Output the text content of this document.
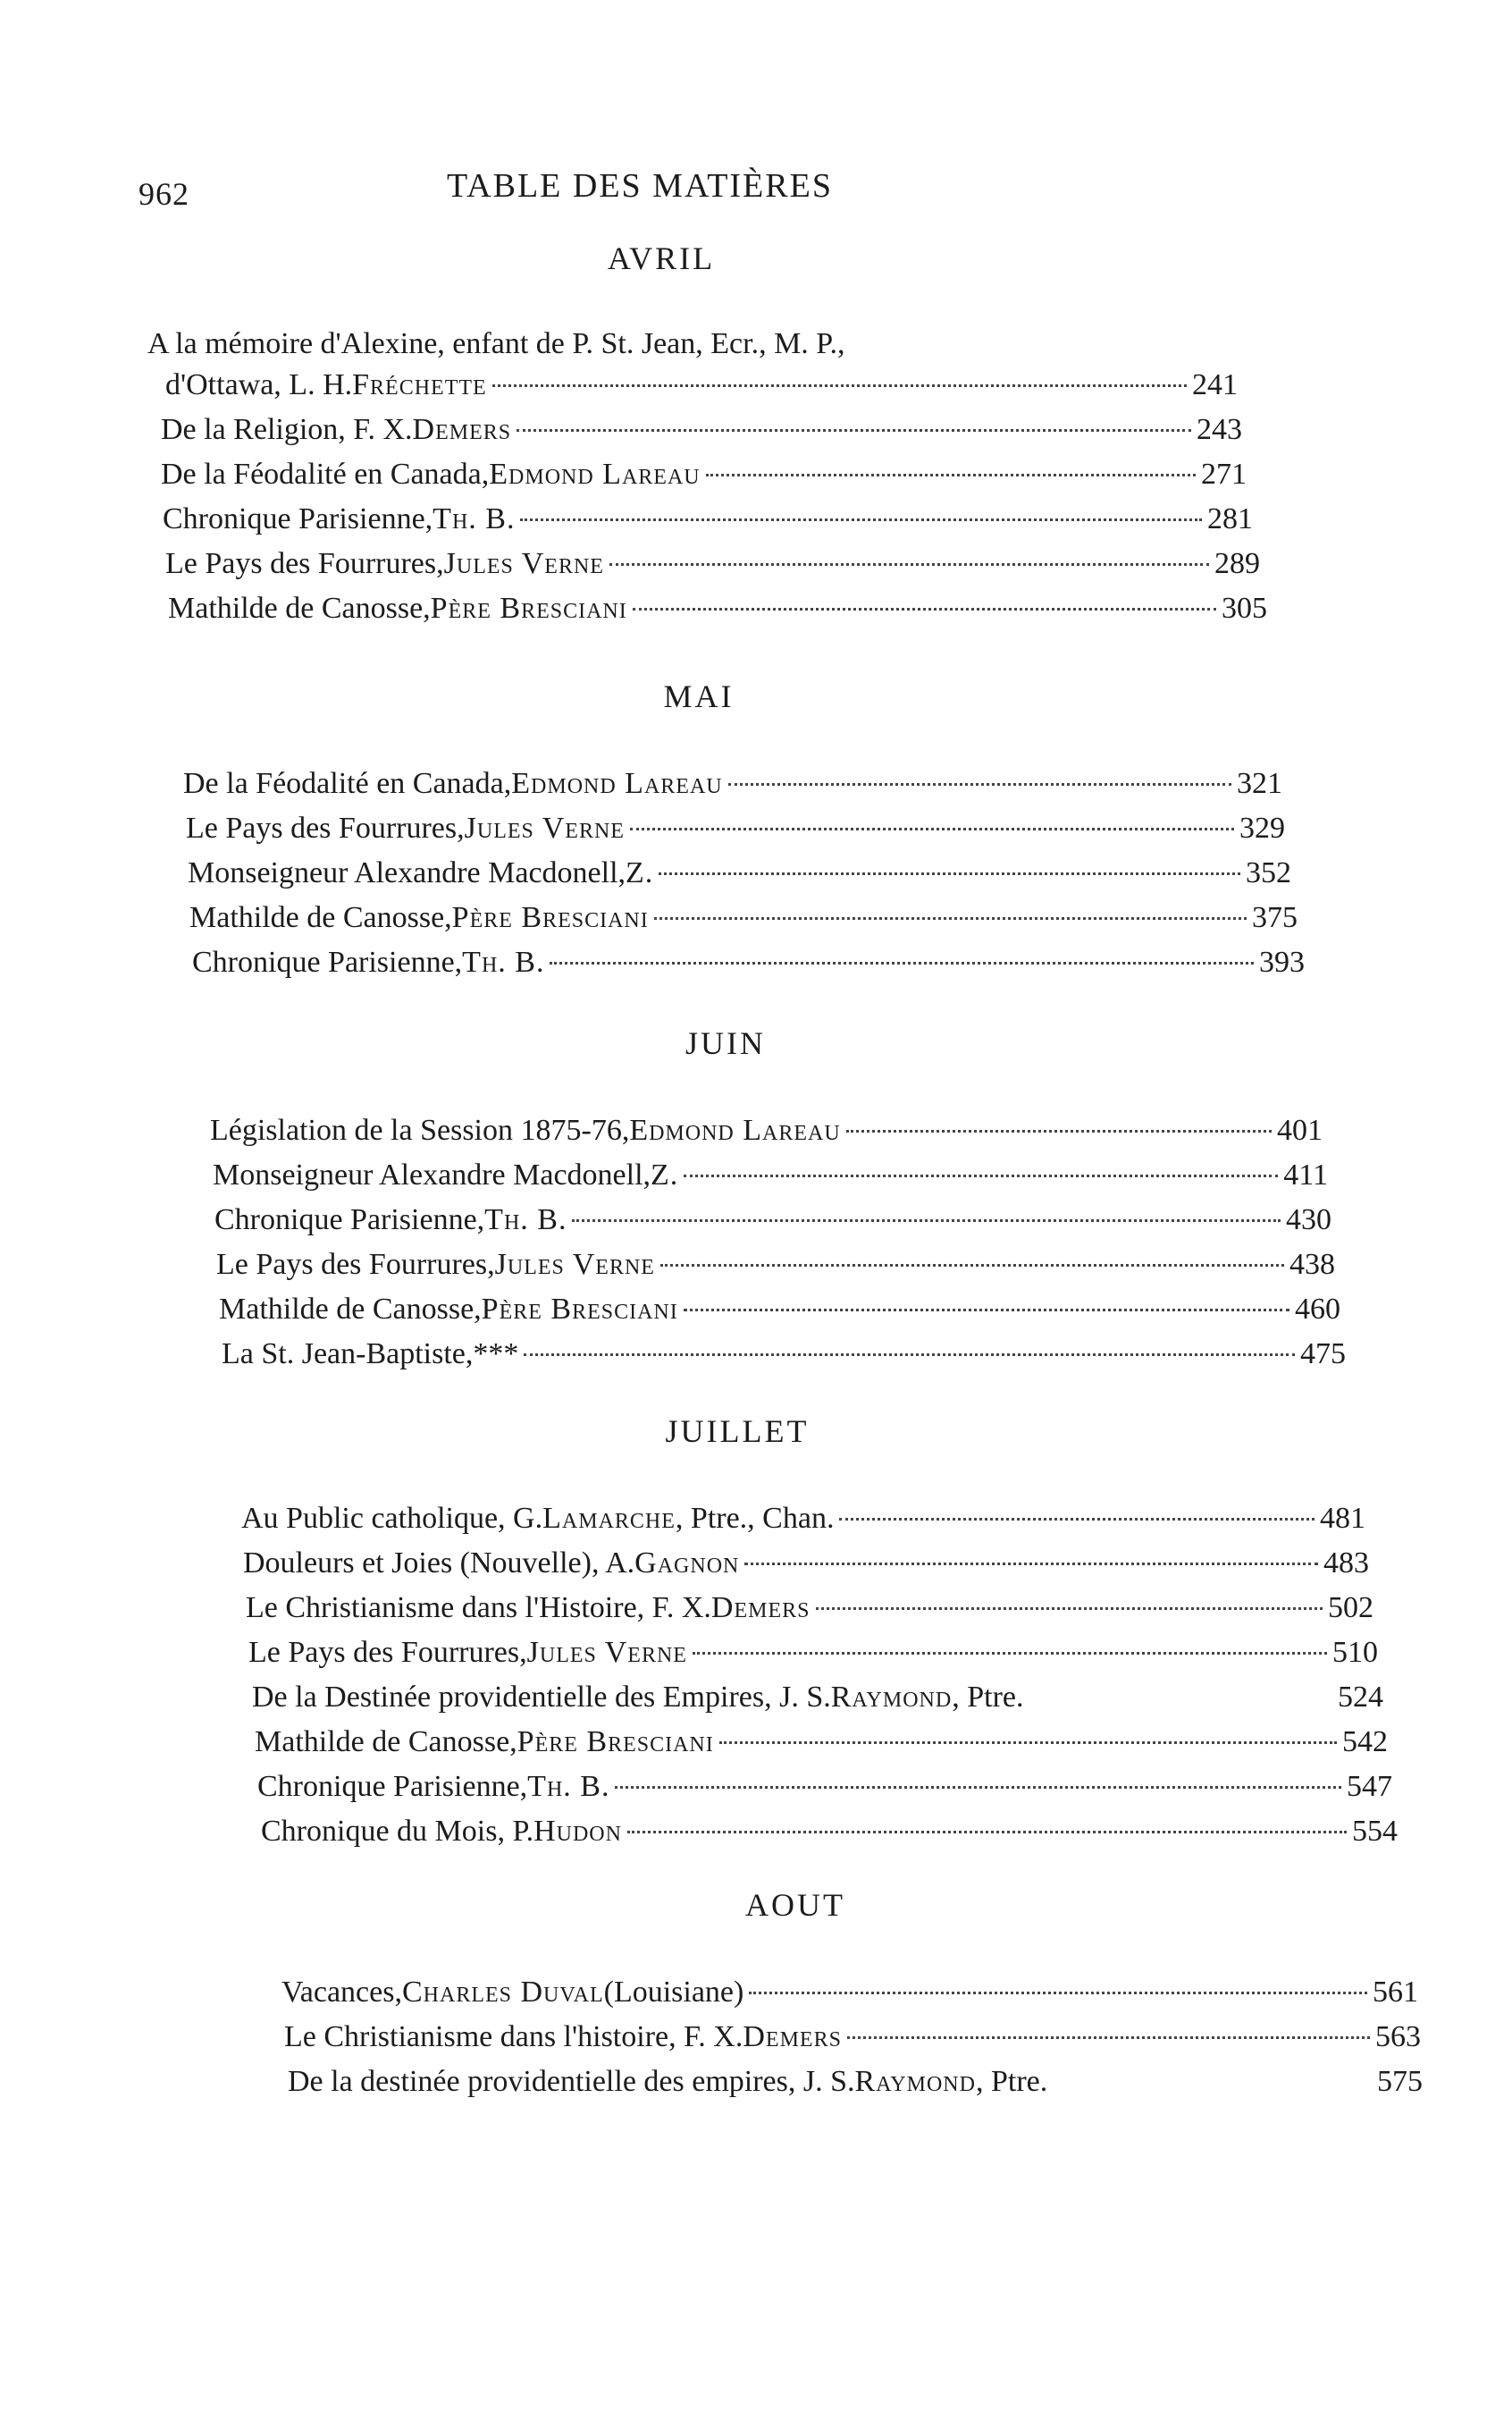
962	TABLE DES MATIÈRES
AVRIL
A la mémoire d'Alexine, enfant de P. St. Jean, Ecr., M. P.,
d'Ottawa, L. H. Fréchette	241
De la Religion, F. X. Demers	243
De la Féodalité en Canada, Edmond Lareau	271
Chronique Parisienne, Th. B.	281
Le Pays des Fourrures, Jules Verne	289
Mathilde de Canosse, Père Bresciani	305
MAI
De la Féodalité en Canada, Edmond Lareau	321
Le Pays des Fourrures, Jules Verne	329
Monseigneur Alexandre Macdonell, Z.	352
Mathilde de Canosse, Père Bresciani	375
Chronique Parisienne, Th. B.	393
JUIN
Législation de la Session 1875-76, Edmond Lareau	401
Monseigneur Alexandre Macdonell, Z.	411
Chronique Parisienne, Th. B.	430
Le Pays des Fourrures, Jules Verne	438
Mathilde de Canosse, Père Bresciani	460
La St. Jean-Baptiste, ***	475
JUILLET
Au Public catholique, G. Lamarche , Ptre., Chan.	481
Douleurs et Joies (Nouvelle), A. Gagnon	483
Le Christianisme dans l'Histoire, F. X. Demers	502
Le Pays des Fourrures, Jules Verne	510
De la Destinée providentielle des Empires, J. S. Raymond , Ptre.	524
Mathilde de Canosse, Père Bresciani	542
Chronique Parisienne, Th. B.	547
Chronique du Mois, P. Hudon	554
AOUT
Vacances, Charles Duval (Louisiane)	561
Le Christianisme dans l'histoire, F. X. Demers	563
De la destinée providentielle des empires, J. S. Raymond , Ptre.	575
